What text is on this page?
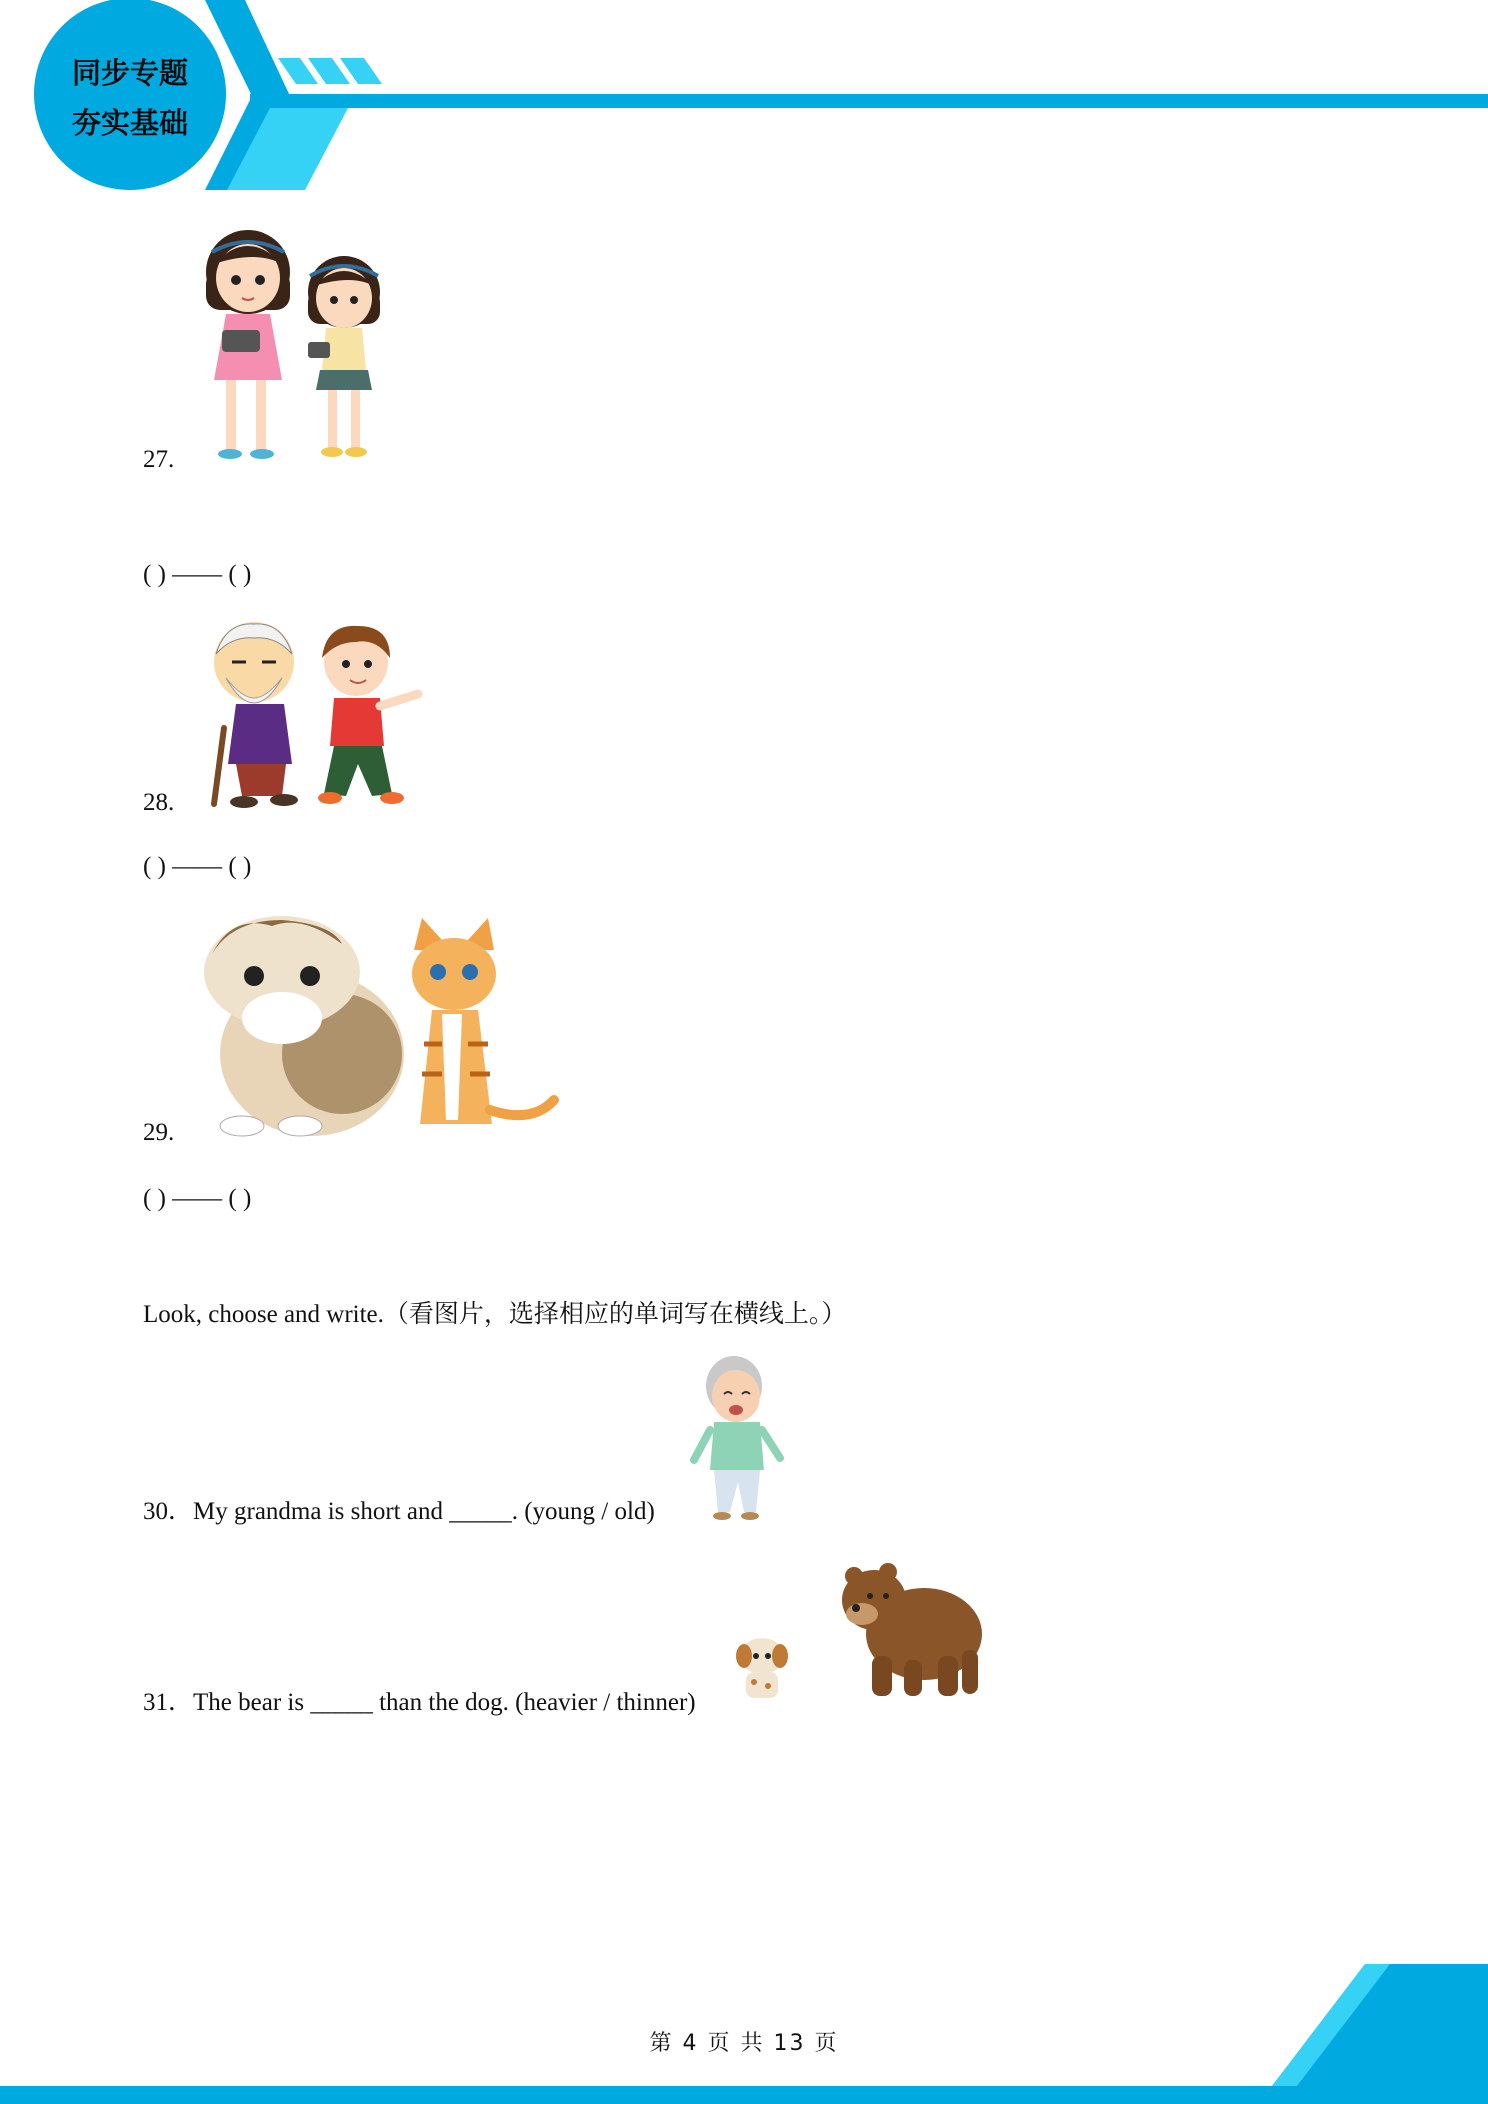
同步专题
夯实基础
27.
( ) —— ( )
28.
( ) —— ( )
29.
( ) —— ( )
Look, choose and write.（看图片，选择相应的单词写在横线上。）
30．My grandma is short and _____. (young / old)
31．The bear is _____ than the dog. (heavier / thinner)
第 4 页 共 13 页
